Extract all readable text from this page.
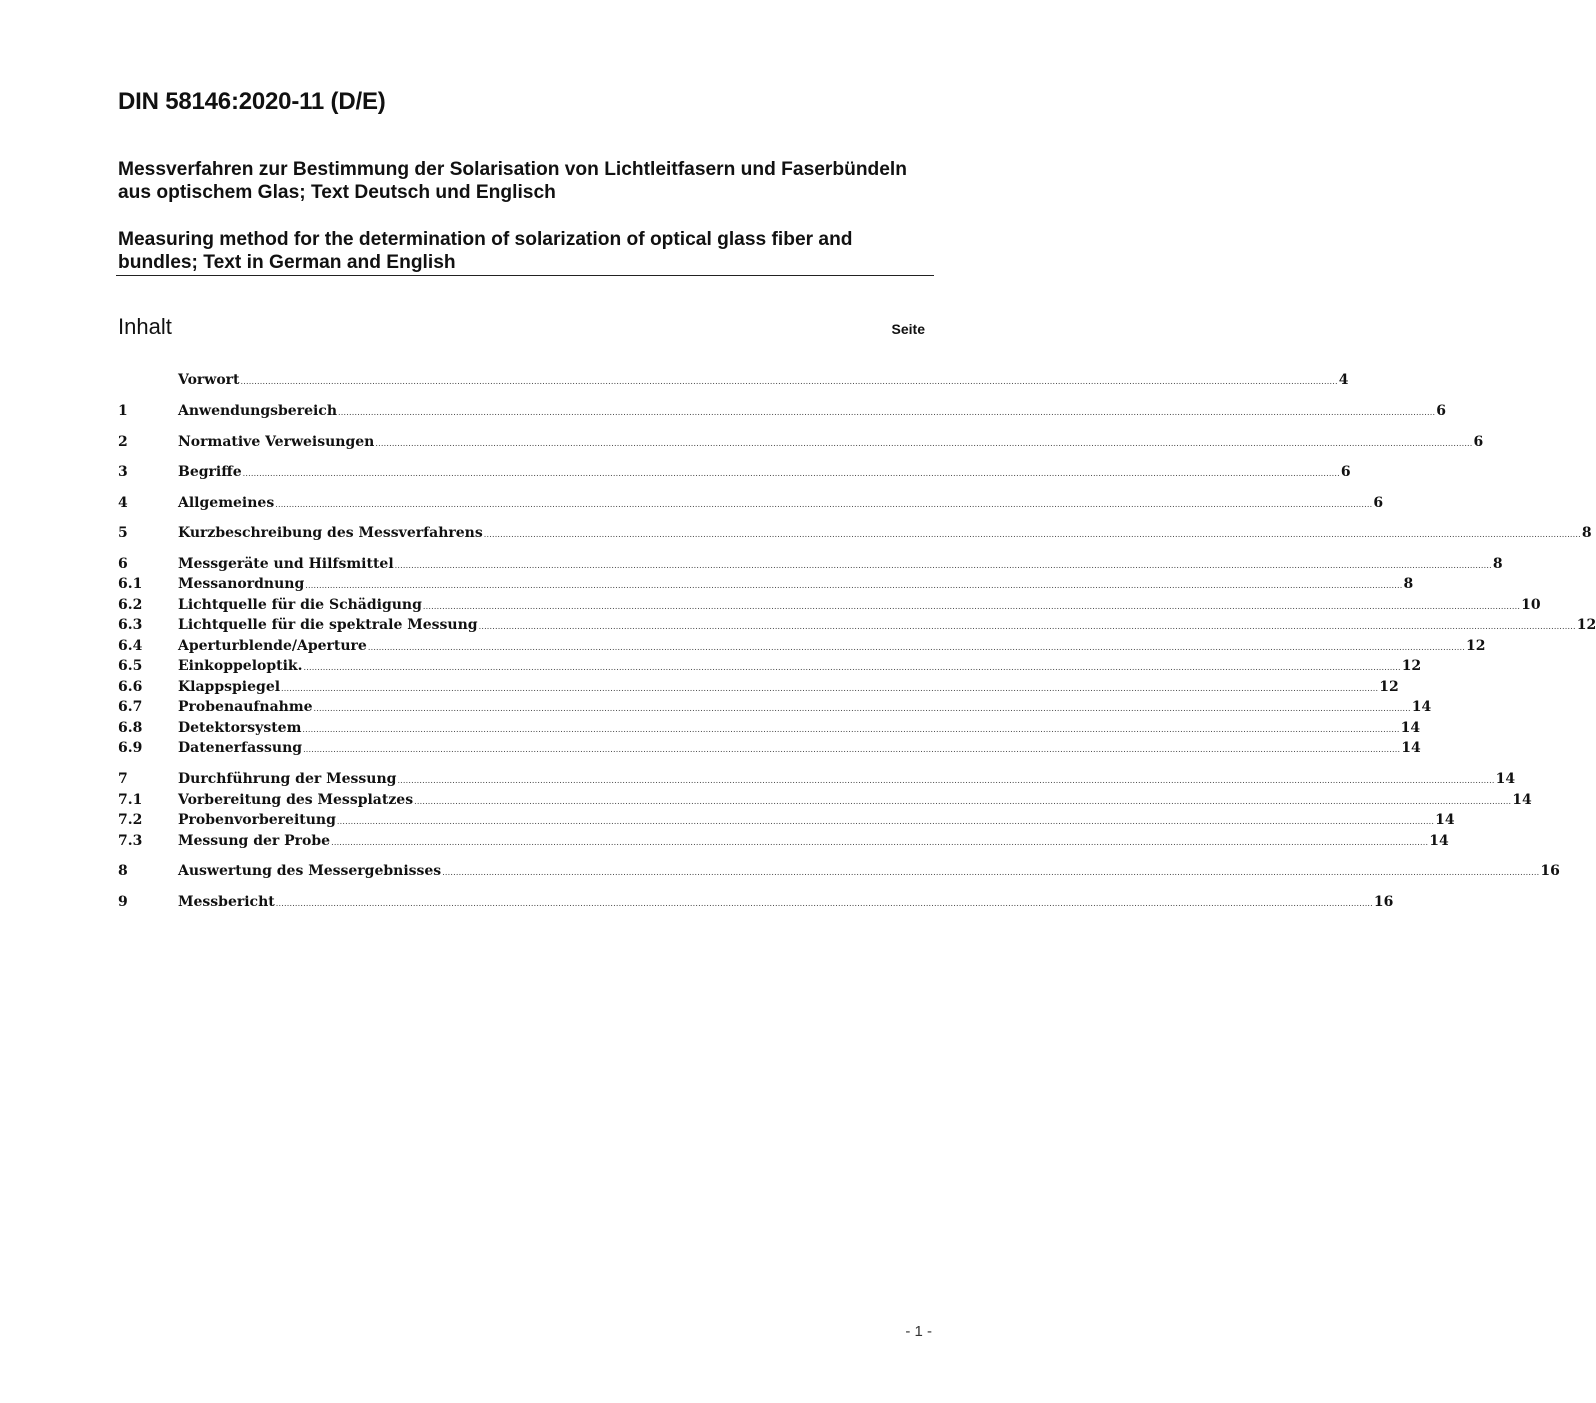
DIN 58146:2020-11 (D/E)
Messverfahren zur Bestimmung der Solarisation von Lichtleitfasern und Faserbündeln aus optischem Glas; Text Deutsch und Englisch
Measuring method for the determination of solarization of optical glass fiber and bundles; Text in German and English
Inhalt	Seite
Vorwort ................................................................................................................................................................................................................................................................................................................................................................................................................ 4
1	Anwendungsbereich ................................................................................................................................................................................................................................................................................................................................................................................................................ 6
2	Normative Verweisungen ................................................................................................................................................................................................................................................................................................................................................................................................................ 6
3	Begriffe ................................................................................................................................................................................................................................................................................................................................................................................................................ 6
4	Allgemeines ................................................................................................................................................................................................................................................................................................................................................................................................................ 6
5	Kurzbeschreibung des Messverfahrens ................................................................................................................................................................................................................................................................................................................................................................................................................ 8
6	Messgeräte und Hilfsmittel ................................................................................................................................................................................................................................................................................................................................................................................................................ 8
6.1	Messanordnung ................................................................................................................................................................................................................................................................................................................................................................................................................ 8
6.2	Lichtquelle für die Schädigung ................................................................................................................................................................................................................................................................................................................................................................................................................ 10
6.3	Lichtquelle für die spektrale Messung ................................................................................................................................................................................................................................................................................................................................................................................................................ 12
6.4	Aperturblende/Aperture ................................................................................................................................................................................................................................................................................................................................................................................................................ 12
6.5	Einkoppeloptik. ................................................................................................................................................................................................................................................................................................................................................................................................................ 12
6.6	Klappspiegel ................................................................................................................................................................................................................................................................................................................................................................................................................ 12
6.7	Probenaufnahme ................................................................................................................................................................................................................................................................................................................................................................................................................ 14
6.8	Detektorsystem ................................................................................................................................................................................................................................................................................................................................................................................................................ 14
6.9	Datenerfassung ................................................................................................................................................................................................................................................................................................................................................................................................................ 14
7	Durchführung der Messung ................................................................................................................................................................................................................................................................................................................................................................................................................ 14
7.1	Vorbereitung des Messplatzes ................................................................................................................................................................................................................................................................................................................................................................................................................ 14
7.2	Probenvorbereitung ................................................................................................................................................................................................................................................................................................................................................................................................................ 14
7.3	Messung der Probe ................................................................................................................................................................................................................................................................................................................................................................................................................ 14
8	Auswertung des Messergebnisses ................................................................................................................................................................................................................................................................................................................................................................................................................ 16
9	Messbericht ................................................................................................................................................................................................................................................................................................................................................................................................................ 16
- 1 -
